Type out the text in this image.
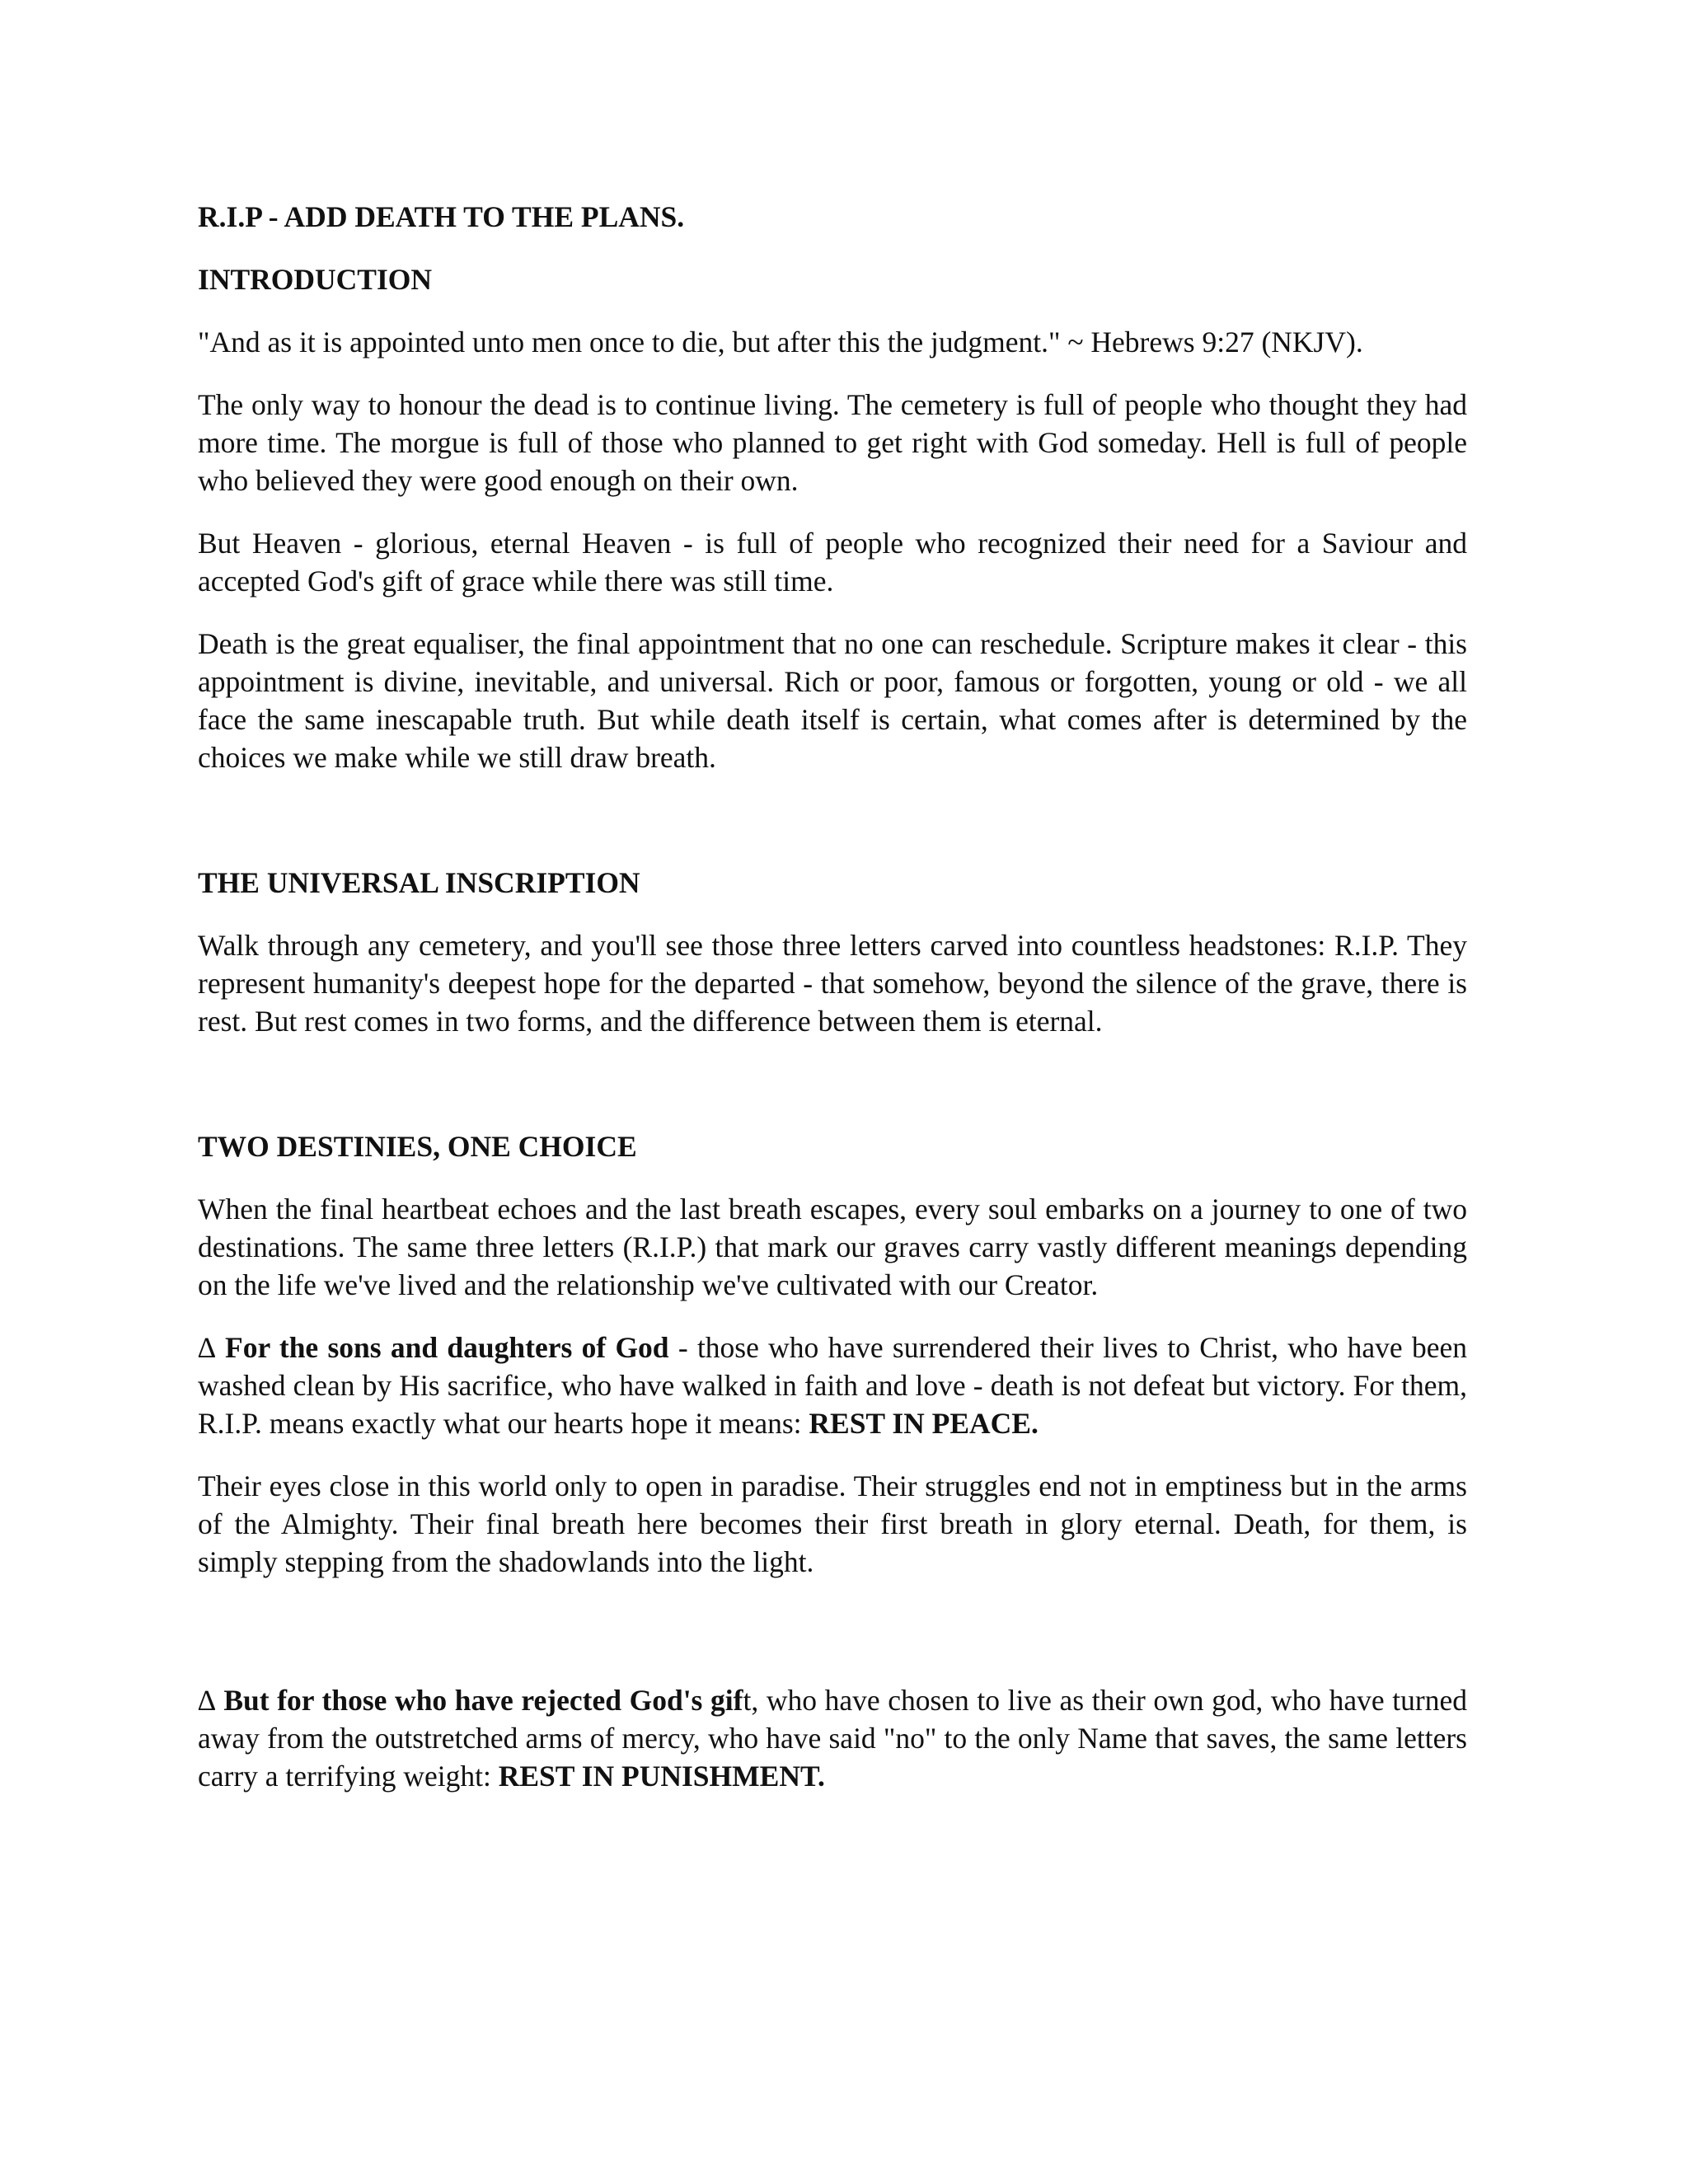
R.I.P - ADD DEATH TO THE PLANS.

INTRODUCTION

"And as it is appointed unto men once to die, but after this the judgment." ~ Hebrews 9:27 (NKJV).

The only way to honour the dead is to continue living. The cemetery is full of people who thought they had more time. The morgue is full of those who planned to get right with God someday. Hell is full of people who believed they were good enough on their own.

But Heaven - glorious, eternal Heaven - is full of people who recognized their need for a Saviour and accepted God's gift of grace while there was still time.

Death is the great equaliser, the final appointment that no one can reschedule. Scripture makes it clear - this appointment is divine, inevitable, and universal. Rich or poor, famous or forgotten, young or old - we all face the same inescapable truth. But while death itself is certain, what comes after is determined by the choices we make while we still draw breath.

THE UNIVERSAL INSCRIPTION

Walk through any cemetery, and you'll see those three letters carved into countless headstones: R.I.P. They represent humanity's deepest hope for the departed - that somehow, beyond the silence of the grave, there is rest. But rest comes in two forms, and the difference between them is eternal.

TWO DESTINIES, ONE CHOICE

When the final heartbeat echoes and the last breath escapes, every soul embarks on a journey to one of two destinations. The same three letters (R.I.P.) that mark our graves carry vastly different meanings depending on the life we've lived and the relationship we've cultivated with our Creator.

∆ For the sons and daughters of God - those who have surrendered their lives to Christ, who have been washed clean by His sacrifice, who have walked in faith and love - death is not defeat but victory. For them, R.I.P. means exactly what our hearts hope it means: REST IN PEACE.

Their eyes close in this world only to open in paradise. Their struggles end not in emptiness but in the arms of the Almighty. Their final breath here becomes their first breath in glory eternal. Death, for them, is simply stepping from the shadowlands into the light.

∆ But for those who have rejected God's gift, who have chosen to live as their own god, who have turned away from the outstretched arms of mercy, who have said "no" to the only Name that saves, the same letters carry a terrifying weight: REST IN PUNISHMENT.
